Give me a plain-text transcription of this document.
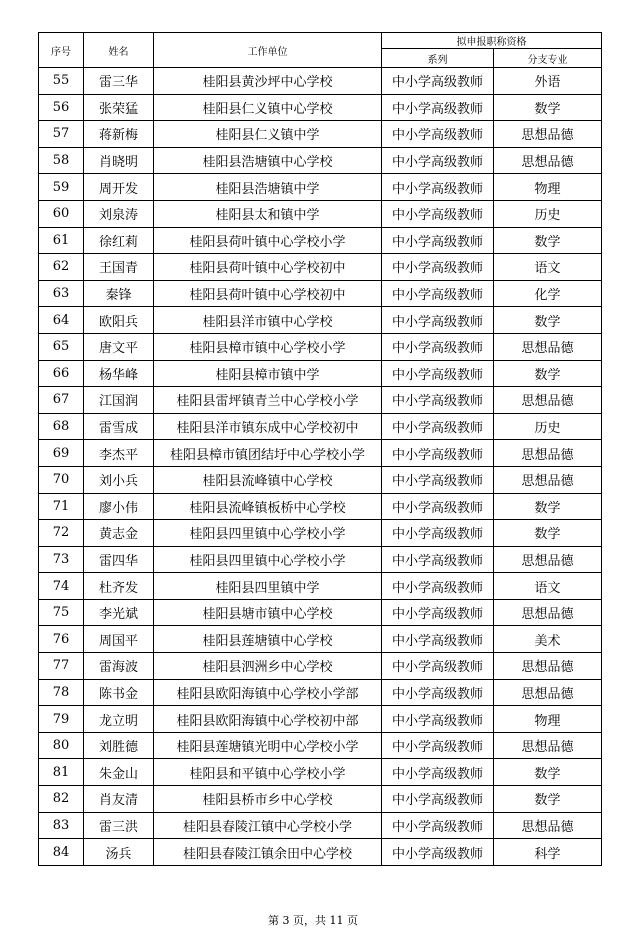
序号	姓名	工作单位	拟申报职称资格	
			系列	分支专业
55	雷三华	桂阳县黄沙坪中心学校	中小学高级教师	外语
56	张荣猛	桂阳县仁义镇中心学校	中小学高级教师	数学
57	蒋新梅	桂阳县仁义镇中学	中小学高级教师	思想品德
58	肖晓明	桂阳县浩塘镇中心学校	中小学高级教师	思想品德
59	周开发	桂阳县浩塘镇中学	中小学高级教师	物理
60	刘泉涛	桂阳县太和镇中学	中小学高级教师	历史
61	徐红莉	桂阳县荷叶镇中心学校小学	中小学高级教师	数学
62	王国青	桂阳县荷叶镇中心学校初中	中小学高级教师	语文
63	秦锋	桂阳县荷叶镇中心学校初中	中小学高级教师	化学
64	欧阳兵	桂阳县洋市镇中心学校	中小学高级教师	数学
65	唐文平	桂阳县樟市镇中心学校小学	中小学高级教师	思想品德
66	杨华峰	桂阳县樟市镇中学	中小学高级教师	数学
67	江国润	桂阳县雷坪镇青兰中心学校小学	中小学高级教师	思想品德
68	雷雪成	桂阳县洋市镇东成中心学校初中	中小学高级教师	历史
69	李杰平	桂阳县樟市镇团结圩中心学校小学	中小学高级教师	思想品德
70	刘小兵	桂阳县流峰镇中心学校	中小学高级教师	思想品德
71	廖小伟	桂阳县流峰镇板桥中心学校	中小学高级教师	数学
72	黄志金	桂阳县四里镇中心学校小学	中小学高级教师	数学
73	雷四华	桂阳县四里镇中心学校小学	中小学高级教师	思想品德
74	杜齐发	桂阳县四里镇中学	中小学高级教师	语文
75	李光斌	桂阳县塘市镇中心学校	中小学高级教师	思想品德
76	周国平	桂阳县莲塘镇中心学校	中小学高级教师	美术
77	雷海波	桂阳县泗洲乡中心学校	中小学高级教师	思想品德
78	陈书金	桂阳县欧阳海镇中心学校小学部	中小学高级教师	思想品德
79	龙立明	桂阳县欧阳海镇中心学校初中部	中小学高级教师	物理
80	刘胜德	桂阳县莲塘镇光明中心学校小学	中小学高级教师	思想品德
81	朱金山	桂阳县和平镇中心学校小学	中小学高级教师	数学
82	肖友清	桂阳县桥市乡中心学校	中小学高级教师	数学
83	雷三洪	桂阳县春陵江镇中心学校小学	中小学高级教师	思想品德
84	汤兵	桂阳县春陵江镇余田中心学校	中小学高级教师	科学
第 3 页，共 11 页
